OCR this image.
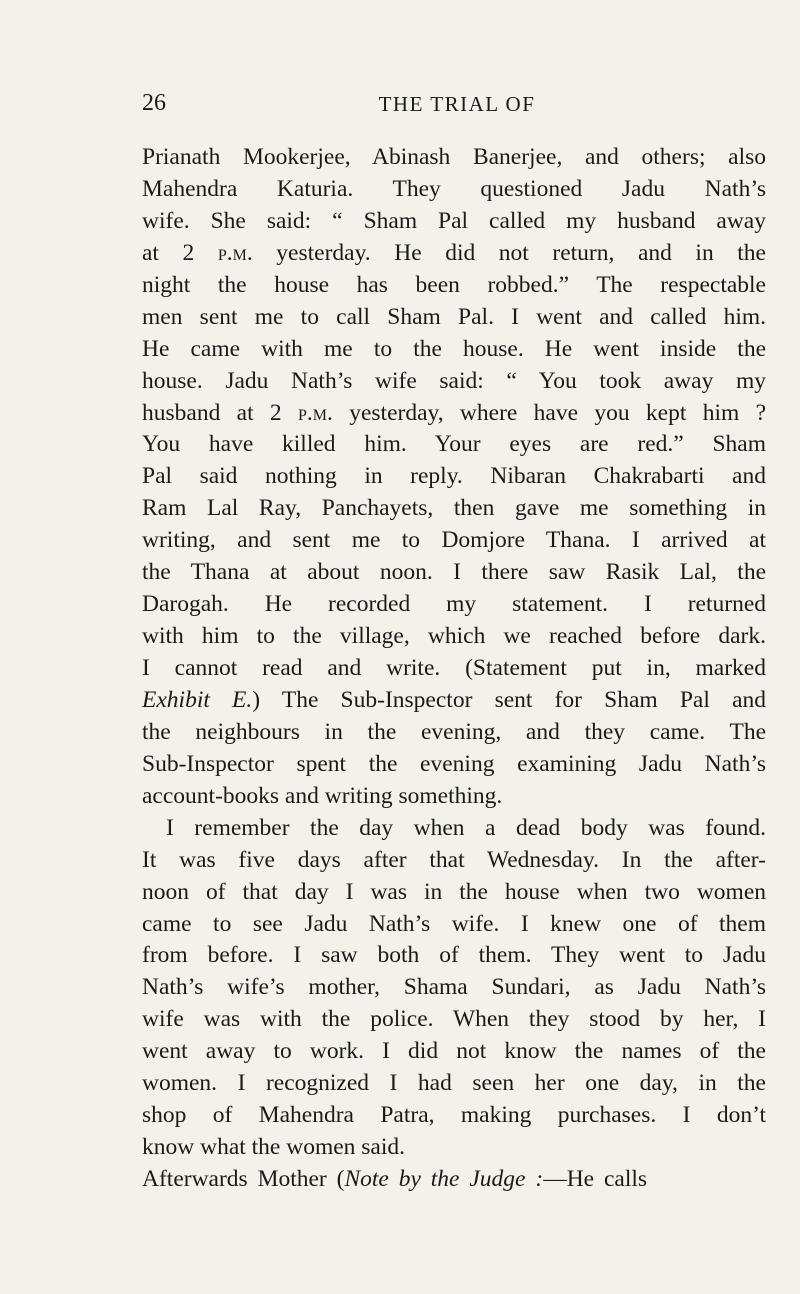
26	THE TRIAL OF
Prianath Mookerjee, Abinash Banerjee, and others; also
Mahendra Katuria. They questioned Jadu Nath’s
wife. She said: “ Sham Pal called my husband away
at 2 p.m. yesterday. He did not return, and in the
night the house has been robbed.” The respectable
men sent me to call Sham Pal. I went and called him.
He came with me to the house. He went inside the
house. Jadu Nath’s wife said: “ You took away my
husband at 2 p.m. yesterday, where have you kept him ?
You have killed him. Your eyes are red.” Sham
Pal said nothing in reply. Nibaran Chakrabarti and
Ram Lal Ray, Panchayets, then gave me something in
writing, and sent me to Domjore Thana. I arrived at
the Thana at about noon. I there saw Rasik Lal, the
Darogah. He recorded my statement. I returned
with him to the village, which we reached before dark.
I cannot read and write. (Statement put in, marked
Exhibit E.) The Sub-Inspector sent for Sham Pal and
the neighbours in the evening, and they came. The
Sub-Inspector spent the evening examining Jadu Nath’s
account-books and writing something.
I remember the day when a dead body was found.
It was five days after that Wednesday. In the after-
noon of that day I was in the house when two women
came to see Jadu Nath’s wife. I knew one of them
from before. I saw both of them. They went to Jadu
Nath’s wife’s mother, Shama Sundari, as Jadu Nath’s
wife was with the police. When they stood by her, I
went away to work. I did not know the names of the
women. I recognized I had seen her one day, in the
shop of Mahendra Patra, making purchases. I don’t
know what the women said.
Afterwards Mother (Note by the Judge :—He calls
